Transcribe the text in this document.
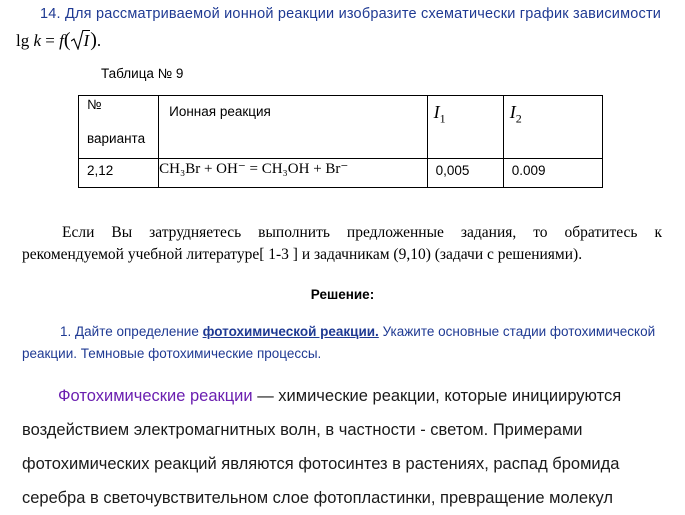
14. Для рассматриваемой ионной реакции изобразите схематически график зависимости
lg k = f( I).
Таблица № 9
№
варианта	Ионная реакция	$I_1$	$I_2$

2,12	CH₃Br + OH⁻ = CH₃OH + Br⁻	0,005	0.009
Если Вы затрудняетесь выполнить предложенные задания, то обратитесь к рекомендуемой учебной литературе[ 1-3 ] и задачникам (9,10) (задачи с решениями).
Решение:
1. Дайте определение фотохимической реакции. Укажите основные стадии фотохимической реакции. Темновые фотохимические процессы.
Фотохимические реакции — химические реакции, которые инициируются воздействием электромагнитных волн, в частности - светом. Примерами фотохимических реакций являются фотосинтез в растениях, распад бромида серебра в светочувствительном слое фотопластинки, превращение молекул
